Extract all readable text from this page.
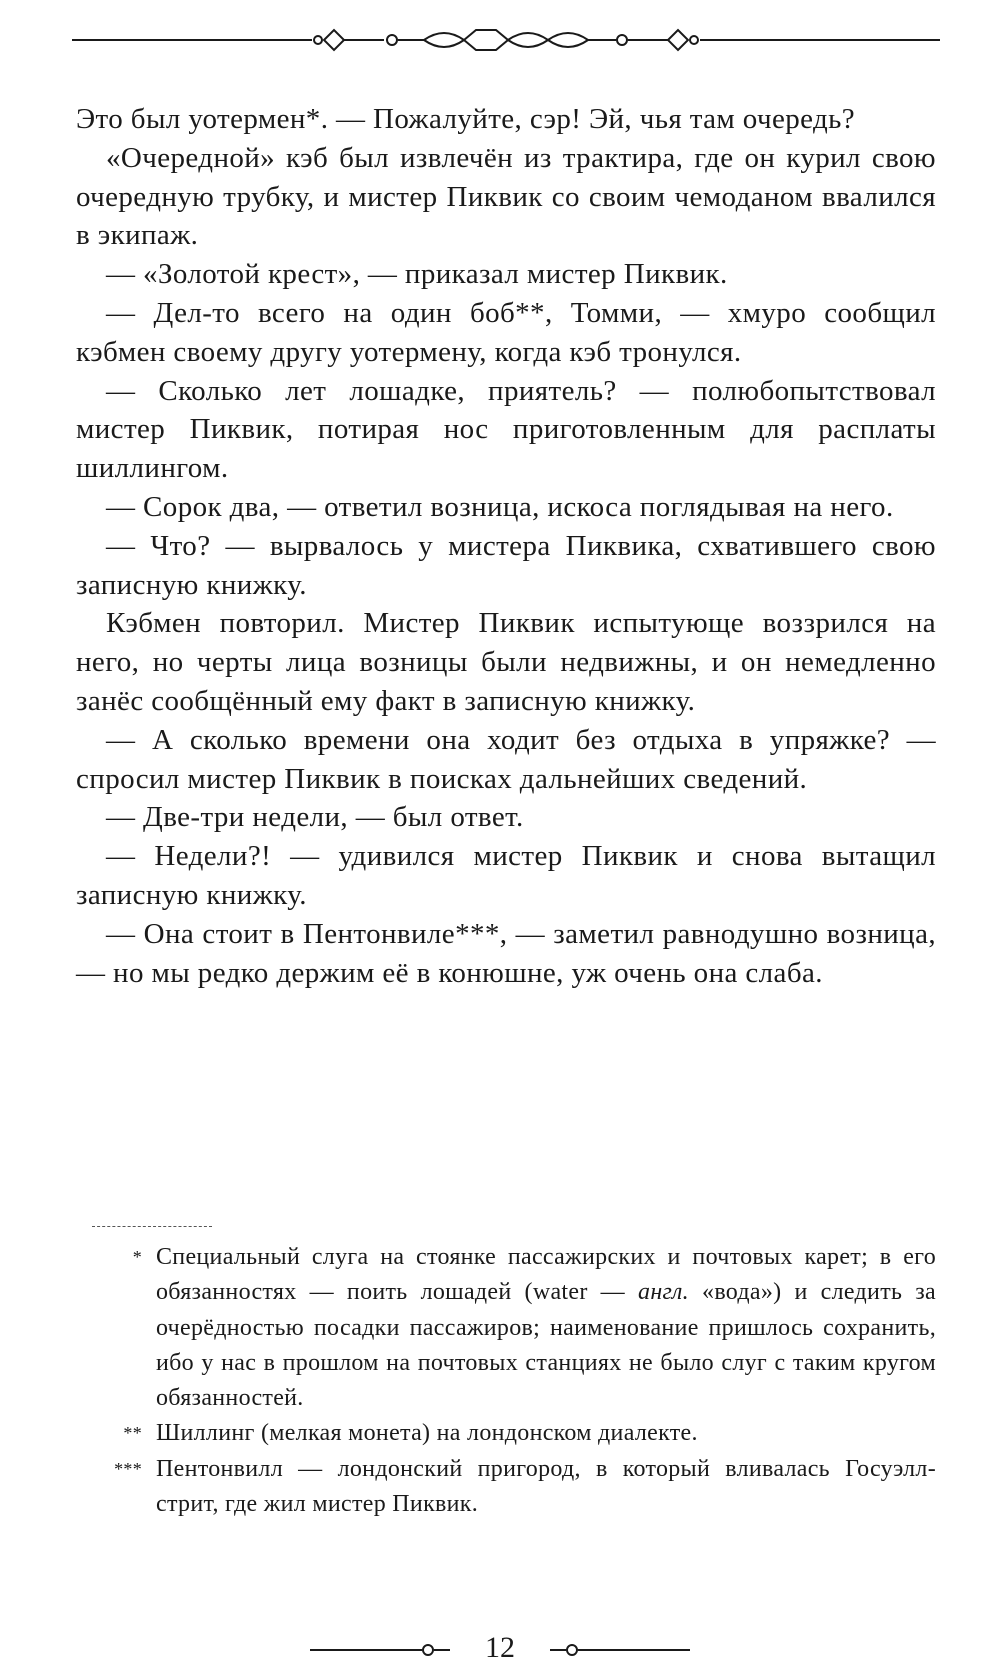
Это был уотермен*. — Пожалуйте, сэр! Эй, чья там очередь?

«Очередной» кэб был извлечён из трактира, где он курил свою очередную трубку, и мистер Пиквик со своим чемоданом ввалился в экипаж.

— «Золотой крест», — приказал мистер Пиквик.

— Дел-то всего на один боб**, Томми, — хмуро сообщил кэбмен своему другу уотермену, когда кэб тронулся.

— Сколько лет лошадке, приятель? — полюбопытствовал мистер Пиквик, потирая нос приготовленным для расплаты шиллингом.

— Сорок два, — ответил возница, искоса поглядывая на него.

— Что? — вырвалось у мистера Пиквика, схватившего свою записную книжку.

Кэбмен повторил. Мистер Пиквик испытующе воззрился на него, но черты лица возницы были недвижны, и он немедленно занёс сообщённый ему факт в записную книжку.

— А сколько времени она ходит без отдыха в упряжке? — спросил мистер Пиквик в поисках дальнейших сведений.

— Две-три недели, — был ответ.

— Недели?! — удивился мистер Пиквик и снова вытащил записную книжку.

— Она стоит в Пентонвиле***, — заметил равнодушно возница, — но мы редко держим её в конюшне, уж очень она слаба.

* Специальный слуга на стоянке пассажирских и почтовых карет; в его обязанностях — поить лошадей (water — англ. «вода») и следить за очерёдностью посадки пассажиров; наименование пришлось сохранить, ибо у нас в прошлом на почтовых станциях не было слуг с таким кругом обязанностей.

** Шиллинг (мелкая монета) на лондонском диалекте.

*** Пентонвилл — лондонский пригород, в который вливалась Госуэлл-стрит, где жил мистер Пиквик.

12
